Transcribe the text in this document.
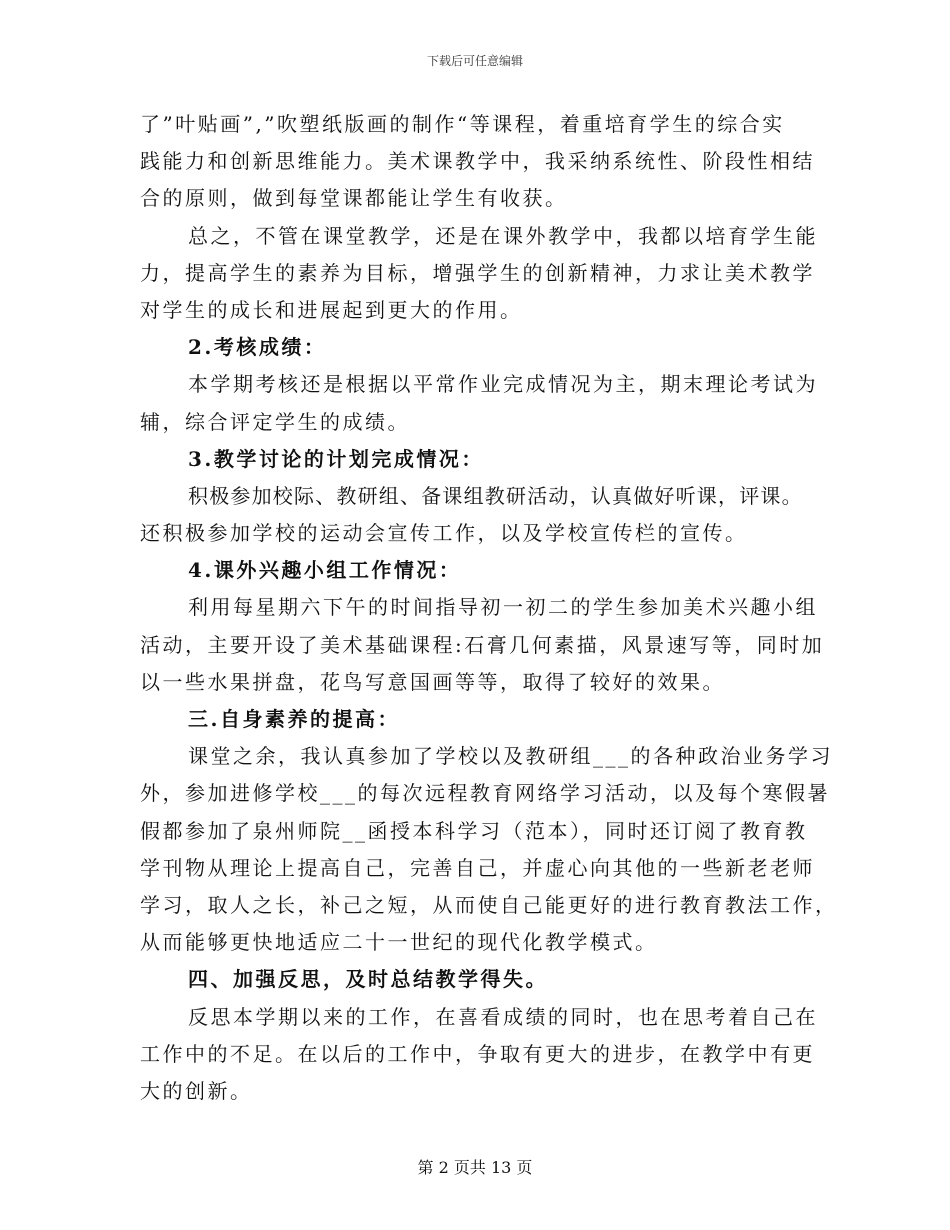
下载后可任意编辑
了”叶贴画”,”吹塑纸版画的制作“等课程，着重培育学生的综合实
践能力和创新思维能力。美术课教学中，我采纳系统性、阶段性相结
合的原则，做到每堂课都能让学生有收获。
总之，不管在课堂教学，还是在课外教学中，我都以培育学生能
力，提高学生的素养为目标，增强学生的创新精神，力求让美术教学
对学生的成长和进展起到更大的作用。
2.考核成绩：
本学期考核还是根据以平常作业完成情况为主，期末理论考试为
辅，综合评定学生的成绩。
3.教学讨论的计划完成情况：
积极参加校际、教研组、备课组教研活动，认真做好听课，评课。
还积极参加学校的运动会宣传工作，以及学校宣传栏的宣传。
4.课外兴趣小组工作情况：
利用每星期六下午的时间指导初一初二的学生参加美术兴趣小组
活动，主要开设了美术基础课程:石膏几何素描，风景速写等，同时加
以一些水果拼盘，花鸟写意国画等等，取得了较好的效果。
三.自身素养的提高：
课堂之余，我认真参加了学校以及教研组___的各种政治业务学习
外，参加进修学校___的每次远程教育网络学习活动，以及每个寒假暑
假都参加了泉州师院__函授本科学习（范本），同时还订阅了教育教
学刊物从理论上提高自己，完善自己，并虚心向其他的一些新老老师
学习，取人之长，补己之短，从而使自己能更好的进行教育教法工作，
从而能够更快地适应二十一世纪的现代化教学模式。
四、加强反思，及时总结教学得失。
反思本学期以来的工作，在喜看成绩的同时，也在思考着自己在
工作中的不足。在以后的工作中，争取有更大的进步，在教学中有更
大的创新。
第 2 页共 13 页
